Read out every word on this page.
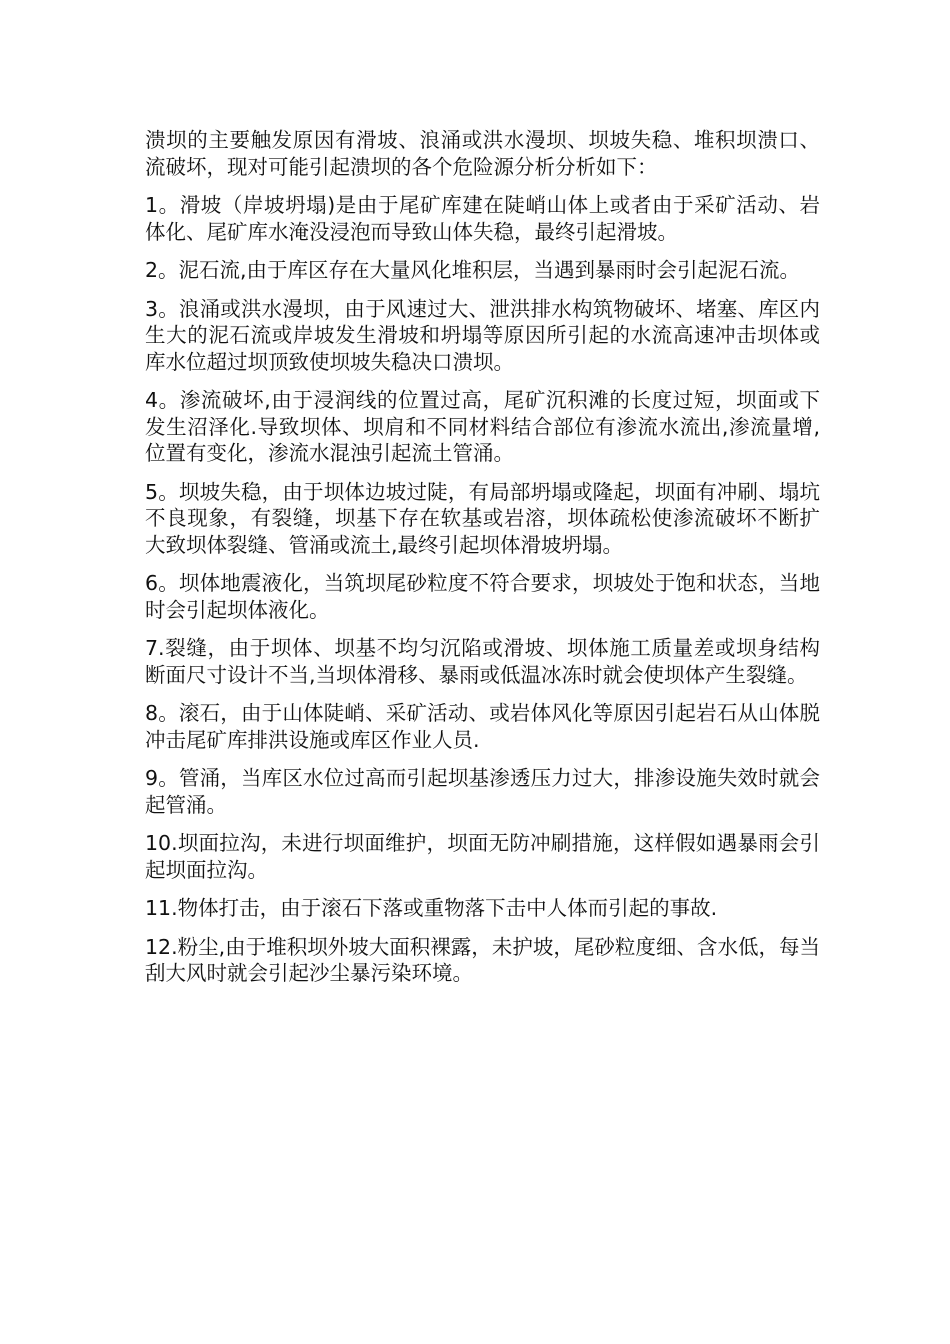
溃坝的主要触发原因有滑坡、浪涌或洪水漫坝、坝坡失稳、堆积坝溃口、流破坏，现对可能引起溃坝的各个危险源分析分析如下：

1。滑坡（岸坡坍塌)是由于尾矿库建在陡峭山体上或者由于采矿活动、岩体化、尾矿库水淹没浸泡而导致山体失稳，最终引起滑坡。

2。泥石流,由于库区存在大量风化堆积层，当遇到暴雨时会引起泥石流。

3。浪涌或洪水漫坝，由于风速过大、泄洪排水构筑物破坏、堵塞、库区内生大的泥石流或岸坡发生滑坡和坍塌等原因所引起的水流高速冲击坝体或库水位超过坝顶致使坝坡失稳决口溃坝。

4。渗流破坏,由于浸润线的位置过高，尾矿沉积滩的长度过短，坝面或下发生沼泽化.导致坝体、坝肩和不同材料结合部位有渗流水流出,渗流量增,位置有变化，渗流水混浊引起流土管涌。

5。坝坡失稳，由于坝体边坡过陡，有局部坍塌或隆起，坝面有冲刷、塌坑不良现象，有裂缝，坝基下存在软基或岩溶，坝体疏松使渗流破坏不断扩大致坝体裂缝、管涌或流土,最终引起坝体滑坡坍塌。

6。坝体地震液化，当筑坝尾砂粒度不符合要求，坝坡处于饱和状态，当地时会引起坝体液化。

7.裂缝，由于坝体、坝基不均匀沉陷或滑坡、坝体施工质量差或坝身结构断面尺寸设计不当,当坝体滑移、暴雨或低温冰冻时就会使坝体产生裂缝。

8。滚石，由于山体陡峭、采矿活动、或岩体风化等原因引起岩石从山体脱冲击尾矿库排洪设施或库区作业人员.

9。管涌，当库区水位过高而引起坝基渗透压力过大，排渗设施失效时就会起管涌。

10.坝面拉沟，未进行坝面维护，坝面无防冲刷措施，这样假如遇暴雨会引起坝面拉沟。

11.物体打击，由于滚石下落或重物落下击中人体而引起的事故.

12.粉尘,由于堆积坝外坡大面积裸露，未护坡，尾砂粒度细、含水低，每当刮大风时就会引起沙尘暴污染环境。
